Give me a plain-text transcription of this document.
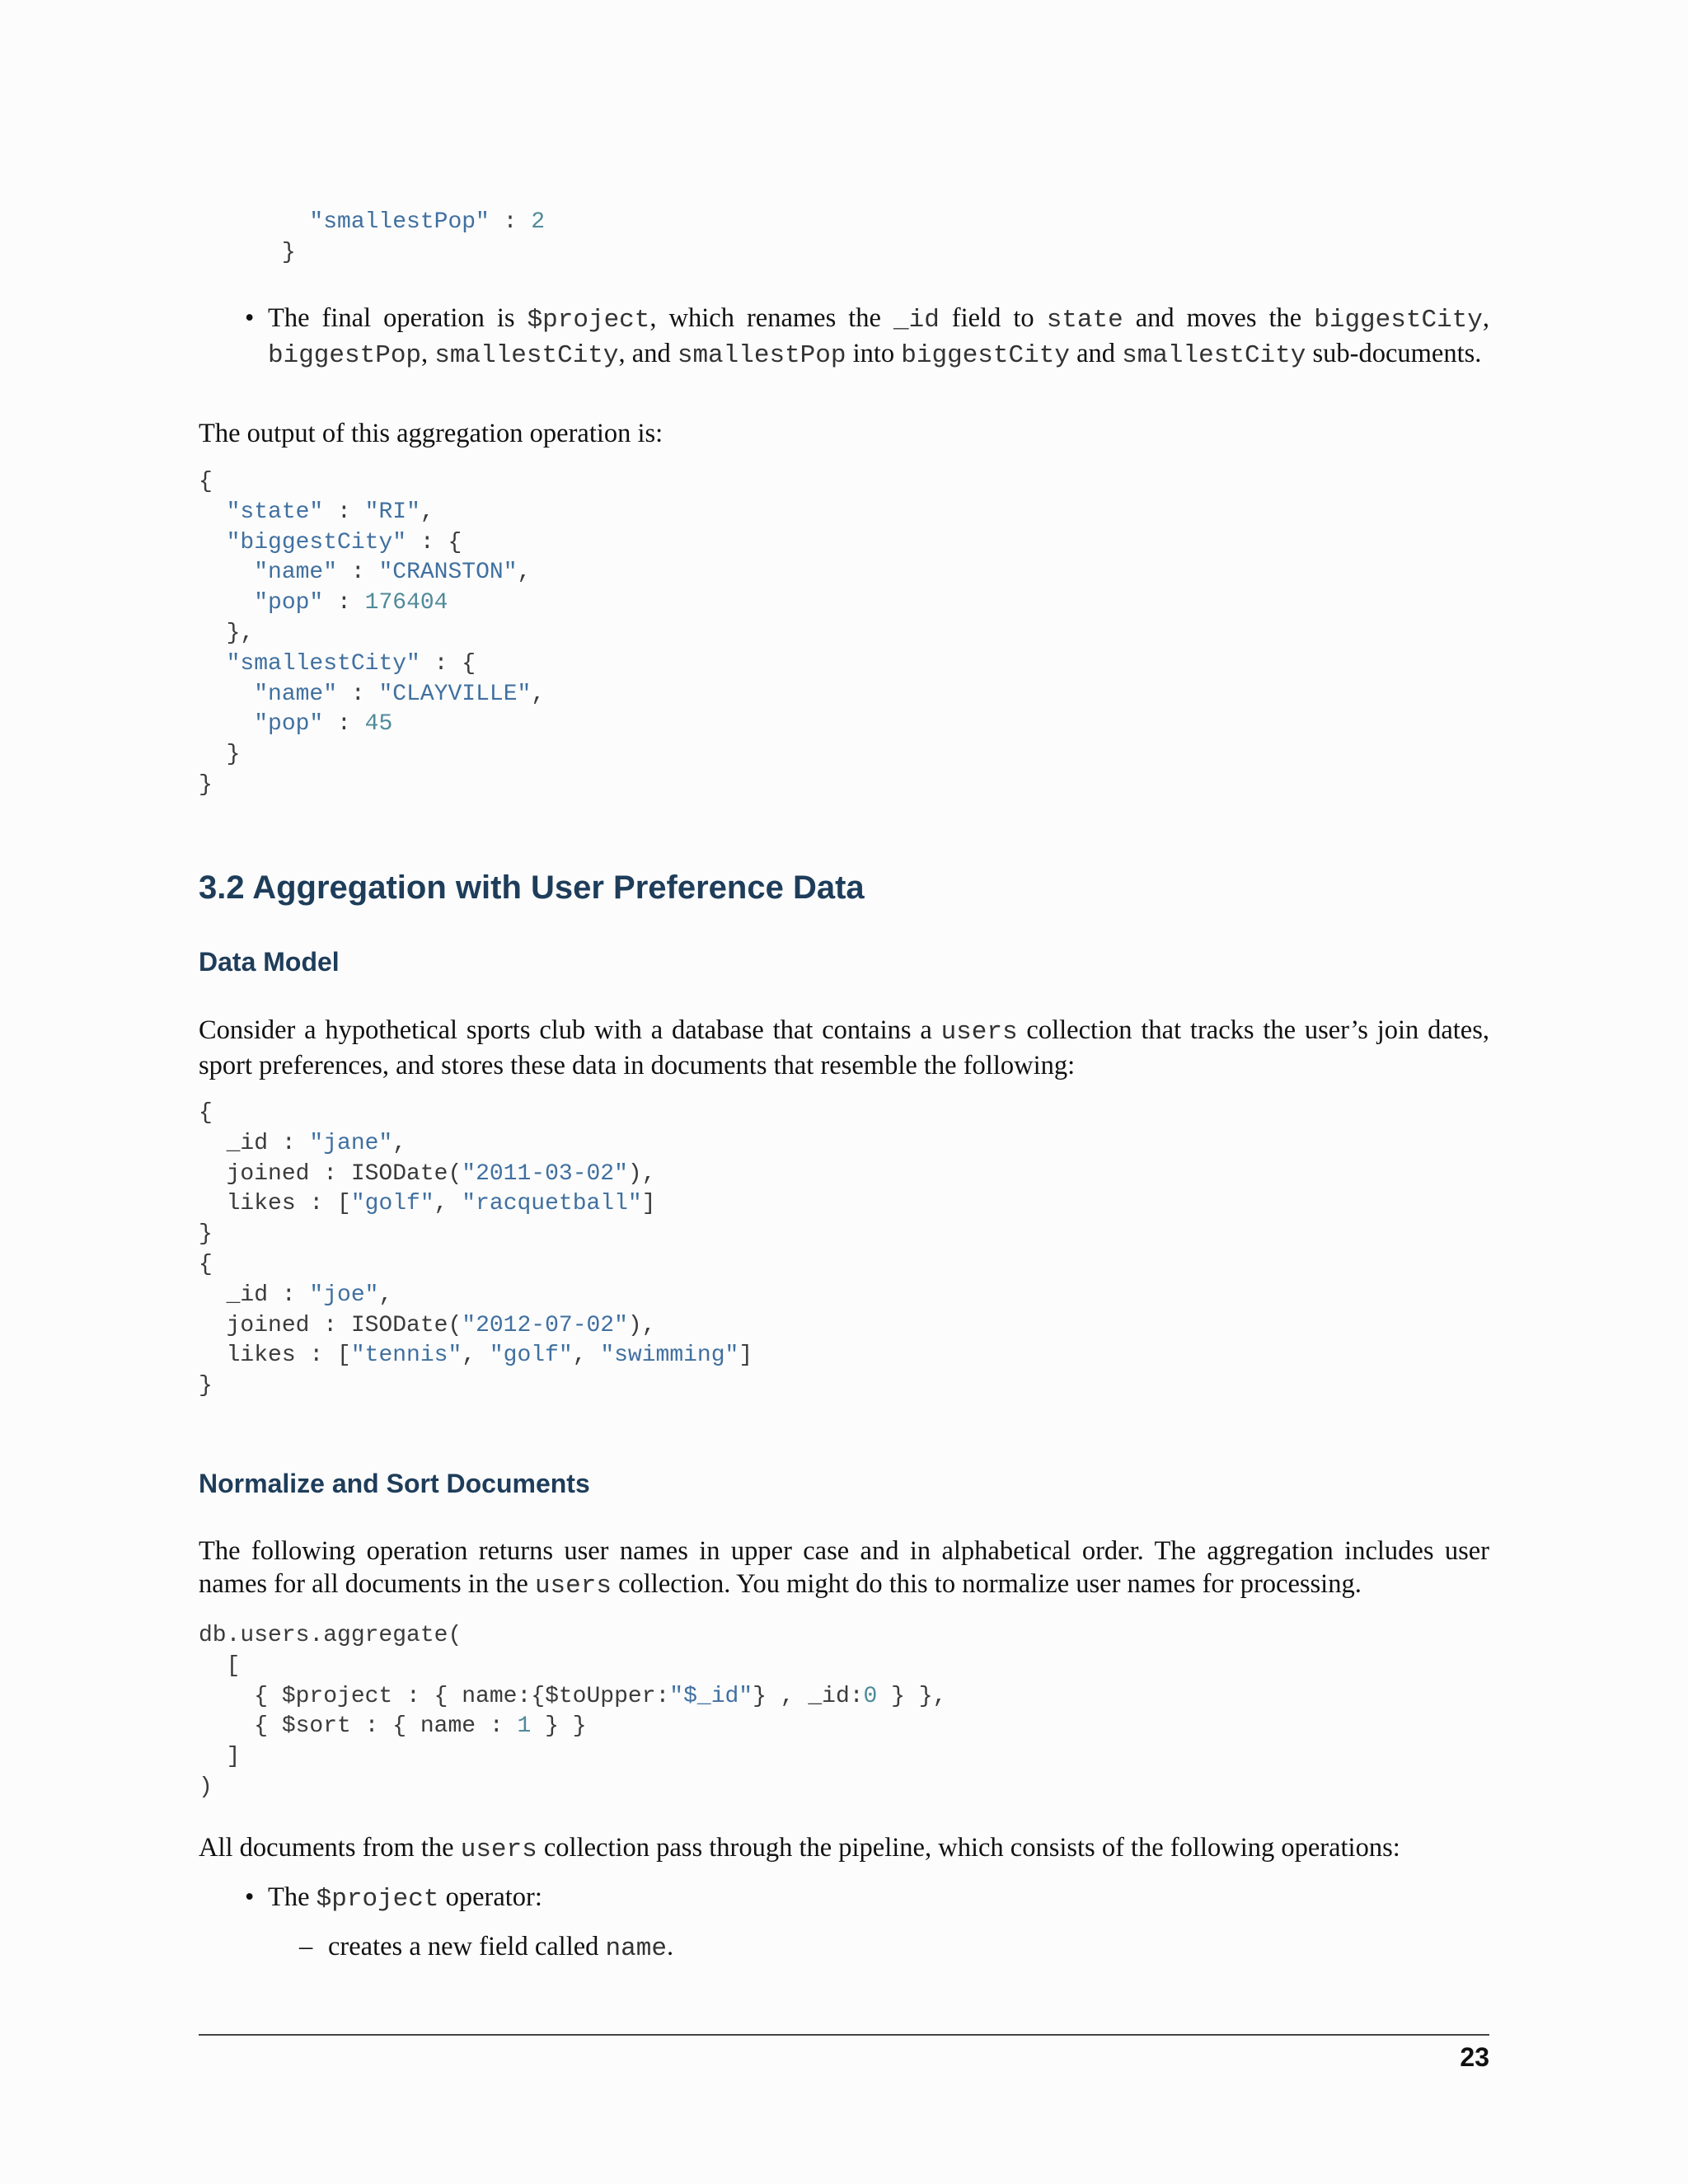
"smallestPop" : 2
}
• The final operation is $project, which renames the _id field to state and moves the biggestCity, biggestPop, smallestCity, and smallestPop into biggestCity and smallestCity sub-documents.

The output of this aggregation operation is:

{
"state" : "RI",
"biggestCity" : {
"name" : "CRANSTON",
"pop" : 176404
},
"smallestCity" : {
"name" : "CLAYVILLE",
"pop" : 45
}
}
3.2 Aggregation with User Preference Data
Data Model

Consider a hypothetical sports club with a database that contains a users collection that tracks the user’s join dates, sport preferences, and stores these data in documents that resemble the following:

{
_id : "jane",
joined : ISODate("2011-03-02"),
likes : ["golf", "racquetball"]
}
{
_id : "joe",
joined : ISODate("2012-07-02"),
likes : ["tennis", "golf", "swimming"]
}
Normalize and Sort Documents

The following operation returns user names in upper case and in alphabetical order. The aggregation includes user names for all documents in the users collection. You might do this to normalize user names for processing.

db.users.aggregate(
[
{ $project : { name:{$toUpper:"$_id"} , _id:0 } },
{ $sort : { name : 1 } }
]
)

All documents from the users collection pass through the pipeline, which consists of the following operations:

• The $project operator:
– creates a new field called name.
23
